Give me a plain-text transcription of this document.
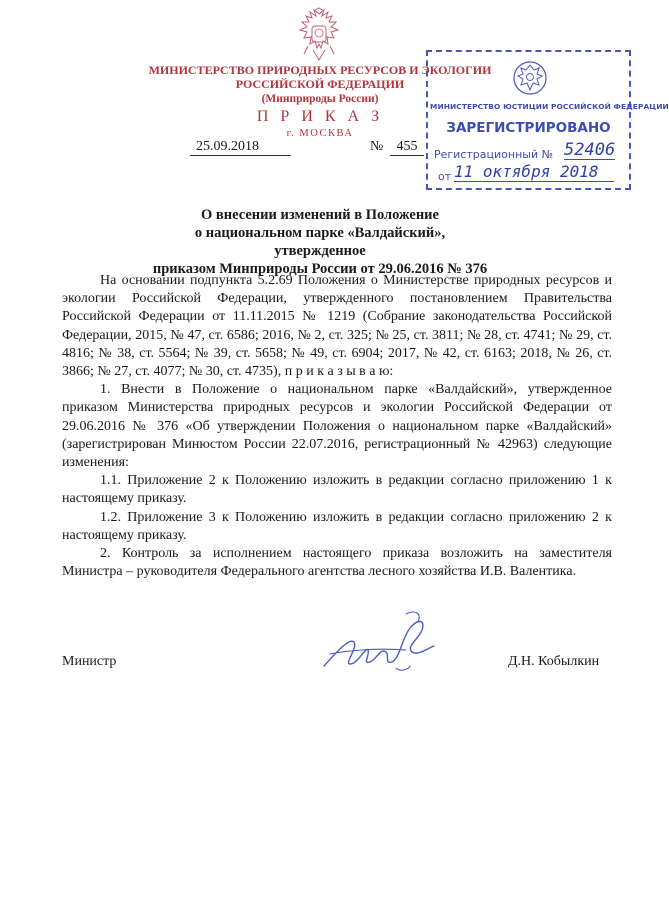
МИНИСТЕРСТВО ПРИРОДНЫХ РЕСУРСОВ И ЭКОЛОГИИ
РОССИЙСКОЙ ФЕДЕРАЦИИ
(Минприроды России)
П Р И К А З
г. МОСКВА
25.09.2018	№ 455
МИНИСТЕРСТВО ЮСТИЦИИ РОССИЙСКОЙ ФЕДЕРАЦИИ
ЗАРЕГИСТРИРОВАНО
Регистрационный № 52406
от 11 октября 2018
О внесении изменений в Положение
о национальном парке «Валдайский», утвержденное
приказом Минприроды России от 29.06.2016 № 376

На основании подпункта 5.2.69 Положения о Министерстве природных ресурсов и экологии Российской Федерации, утвержденного постановлением Правительства Российской Федерации от 11.11.2015 № 1219 (Собрание законодательства Российской Федерации, 2015, № 47, ст. 6586; 2016, № 2, ст. 325; № 25, ст. 3811; № 28, ст. 4741; № 29, ст. 4816; № 38, ст. 5564; № 39, ст. 5658; № 49, ст. 6904; 2017, № 42, ст. 6163; 2018, № 26, ст. 3866; № 27, ст. 4077; № 30, ст. 4735), п р и к а з ы в а ю:

1. Внести в Положение о национальном парке «Валдайский», утвержденное приказом Министерства природных ресурсов и экологии Российской Федерации от 29.06.2016 № 376 «Об утверждении Положения о национальном парке «Валдайский» (зарегистрирован Минюстом России 22.07.2016, регистрационный № 42963) следующие изменения:

1.1. Приложение 2 к Положению изложить в редакции согласно приложению 1 к настоящему приказу.

1.2. Приложение 3 к Положению изложить в редакции согласно приложению 2 к настоящему приказу.

2. Контроль за исполнением настоящего приказа возложить на заместителя Министра – руководителя Федерального агентства лесного хозяйства И.В. Валентика.

Министр	Д.Н. Кобылкин
